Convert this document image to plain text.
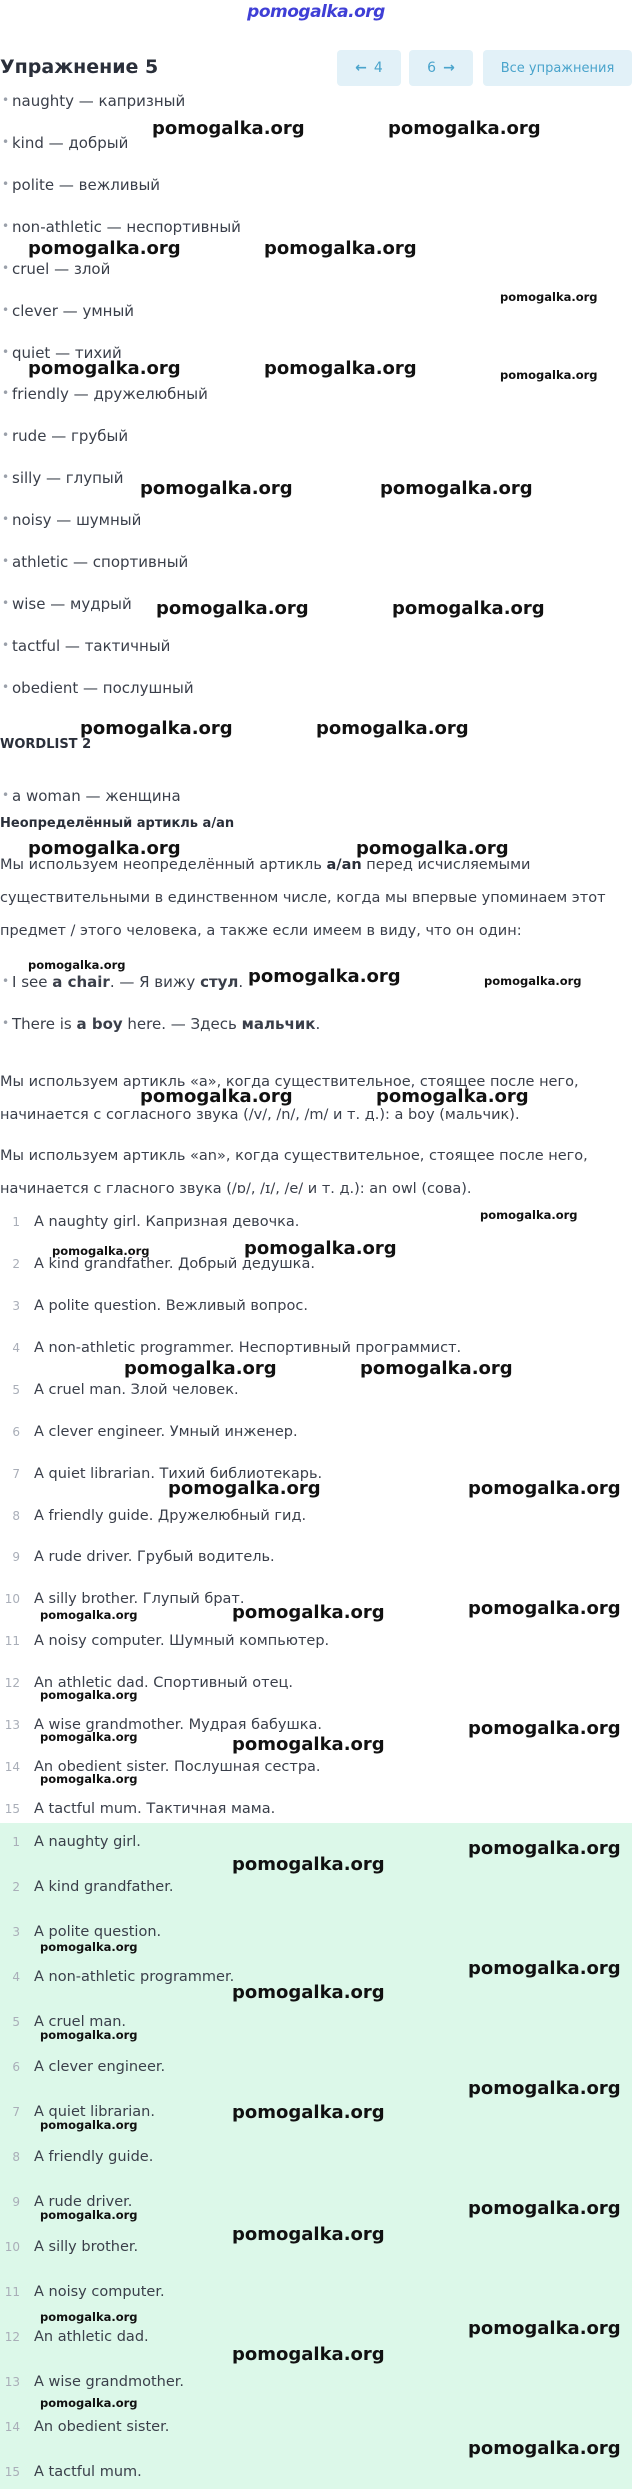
pomogalka.org
Упражнение 5	← 4	6 →	Все упражнения
• naughty — капризный
• kind — добрый
• polite — вежливый
• non-athletic — неспортивный
• cruel — злой
• clever — умный
• quiet — тихий
• friendly — дружелюбный
• rude — грубый
• silly — глупый
• noisy — шумный
• athletic — спортивный
• wise — мудрый
• tactful — тактичный
• obedient — послушный
WORDLIST 2
• a woman — женщина
Неопределённый артикль a/an
Мы используем неопределённый артикль a/an перед исчисляемыми существительными в единственном числе, когда мы впервые упоминаем этот предмет / этого человека, а также если имеем в виду, что он один:
• I see a chair. — Я вижу стул.
• There is a boy here. — Здесь мальчик.
Мы используем артикль «a», когда существительное, стоящее после него, начинается с согласного звука (/v/, /n/, /m/ и т. д.): a boy (мальчик).
Мы используем артикль «an», когда существительное, стоящее после него, начинается с гласного звука (/ɒ/, /ɪ/, /e/ и т. д.): an owl (сова).
1 A naughty girl. Капризная девочка.
2 A kind grandfather. Добрый дедушка.
3 A polite question. Вежливый вопрос.
4 A non-athletic programmer. Неспортивный программист.
5 A cruel man. Злой человек.
6 A clever engineer. Умный инженер.
7 A quiet librarian. Тихий библиотекарь.
8 A friendly guide. Дружелюбный гид.
9 A rude driver. Грубый водитель.
10 A silly brother. Глупый брат.
11 A noisy computer. Шумный компьютер.
12 An athletic dad. Спортивный отец.
13 A wise grandmother. Мудрая бабушка.
14 An obedient sister. Послушная сестра.
15 A tactful mum. Тактичная мама.
1 A naughty girl.
2 A kind grandfather.
3 A polite question.
4 A non-athletic programmer.
5 A cruel man.
6 A clever engineer.
7 A quiet librarian.
8 A friendly guide.
9 A rude driver.
10 A silly brother.
11 A noisy computer.
12 An athletic dad.
13 A wise grandmother.
14 An obedient sister.
15 A tactful mum.
pomogalka.org	pomogalka.org
pomogalka.org	pomogalka.org
pomogalka.org
pomogalka.org	pomogalka.org	pomogalka.org
pomogalka.org	pomogalka.org
pomogalka.org	pomogalka.org
pomogalka.org	pomogalka.org
pomogalka.org	pomogalka.org
pomogalka.org
pomogalka.org	pomogalka.org
pomogalka.org	pomogalka.org
pomogalka.org
pomogalka.org	pomogalka.org
pomogalka.org	pomogalka.org
pomogalka.org	pomogalka.org
pomogalka.org	pomogalka.org	pomogalka.org
pomogalka.org
pomogalka.org
pomogalka.org
pomogalka.org
pomogalka.org
pomogalka.org
pomogalka.org
pomogalka.org
pomogalka.org
pomogalka.org
pomogalka.org
pomogalka.org
pomogalka.org
pomogalka.org
pomogalka.org
pomogalka.org
pomogalka.org
pomogalka.org
pomogalka.org
pomogalka.org
pomogalka.org
pomogalka.org
